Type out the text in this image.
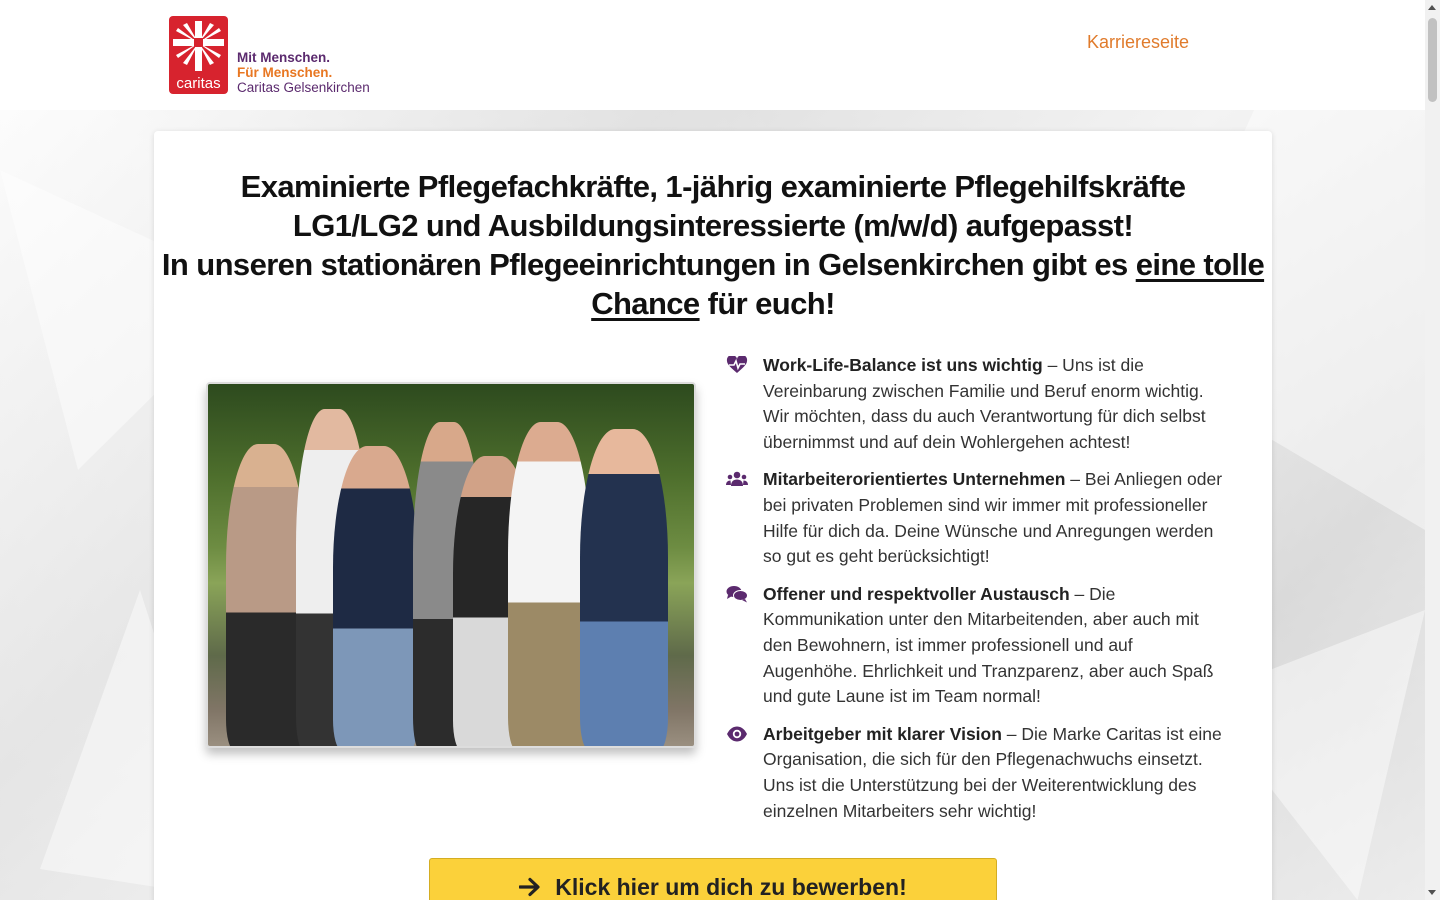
caritas
Mit Menschen.
Für Menschen.
Caritas Gelsenkirchen
Karriereseite
Examinierte Pflegefachkräfte, 1-jährig examinierte Pflegehilfskräfte
LG1/LG2 und Ausbildungsinteressierte (m/w/d) aufgepasst!
In unseren stationären Pflegeeinrichtungen in Gelsenkirchen gibt es eine tolle Chance für euch!

Work-Life-Balance ist uns wichtig – Uns ist die Vereinbarung zwischen Familie und Beruf enorm wichtig. Wir möchten, dass du auch Verantwortung für dich selbst übernimmst und auf dein Wohlergehen achtest!

Mitarbeiterorientiertes Unternehmen – Bei Anliegen oder bei privaten Problemen sind wir immer mit professioneller Hilfe für dich da. Deine Wünsche und Anregungen werden so gut es geht berücksichtigt!

Offener und respektvoller Austausch – Die Kommunikation unter den Mitarbeitenden, aber auch mit den Bewohnern, ist immer professionell und auf Augenhöhe. Ehrlichkeit und Tranzparenz, aber auch Spaß und gute Laune ist im Team normal!

Arbeitgeber mit klarer Vision – Die Marke Caritas ist eine Organisation, die sich für den Pflegenachwuchs einsetzt. Uns ist die Unterstützung bei der Weiterentwicklung des einzelnen Mitarbeiters sehr wichtig!

Klick hier um dich zu bewerben!
